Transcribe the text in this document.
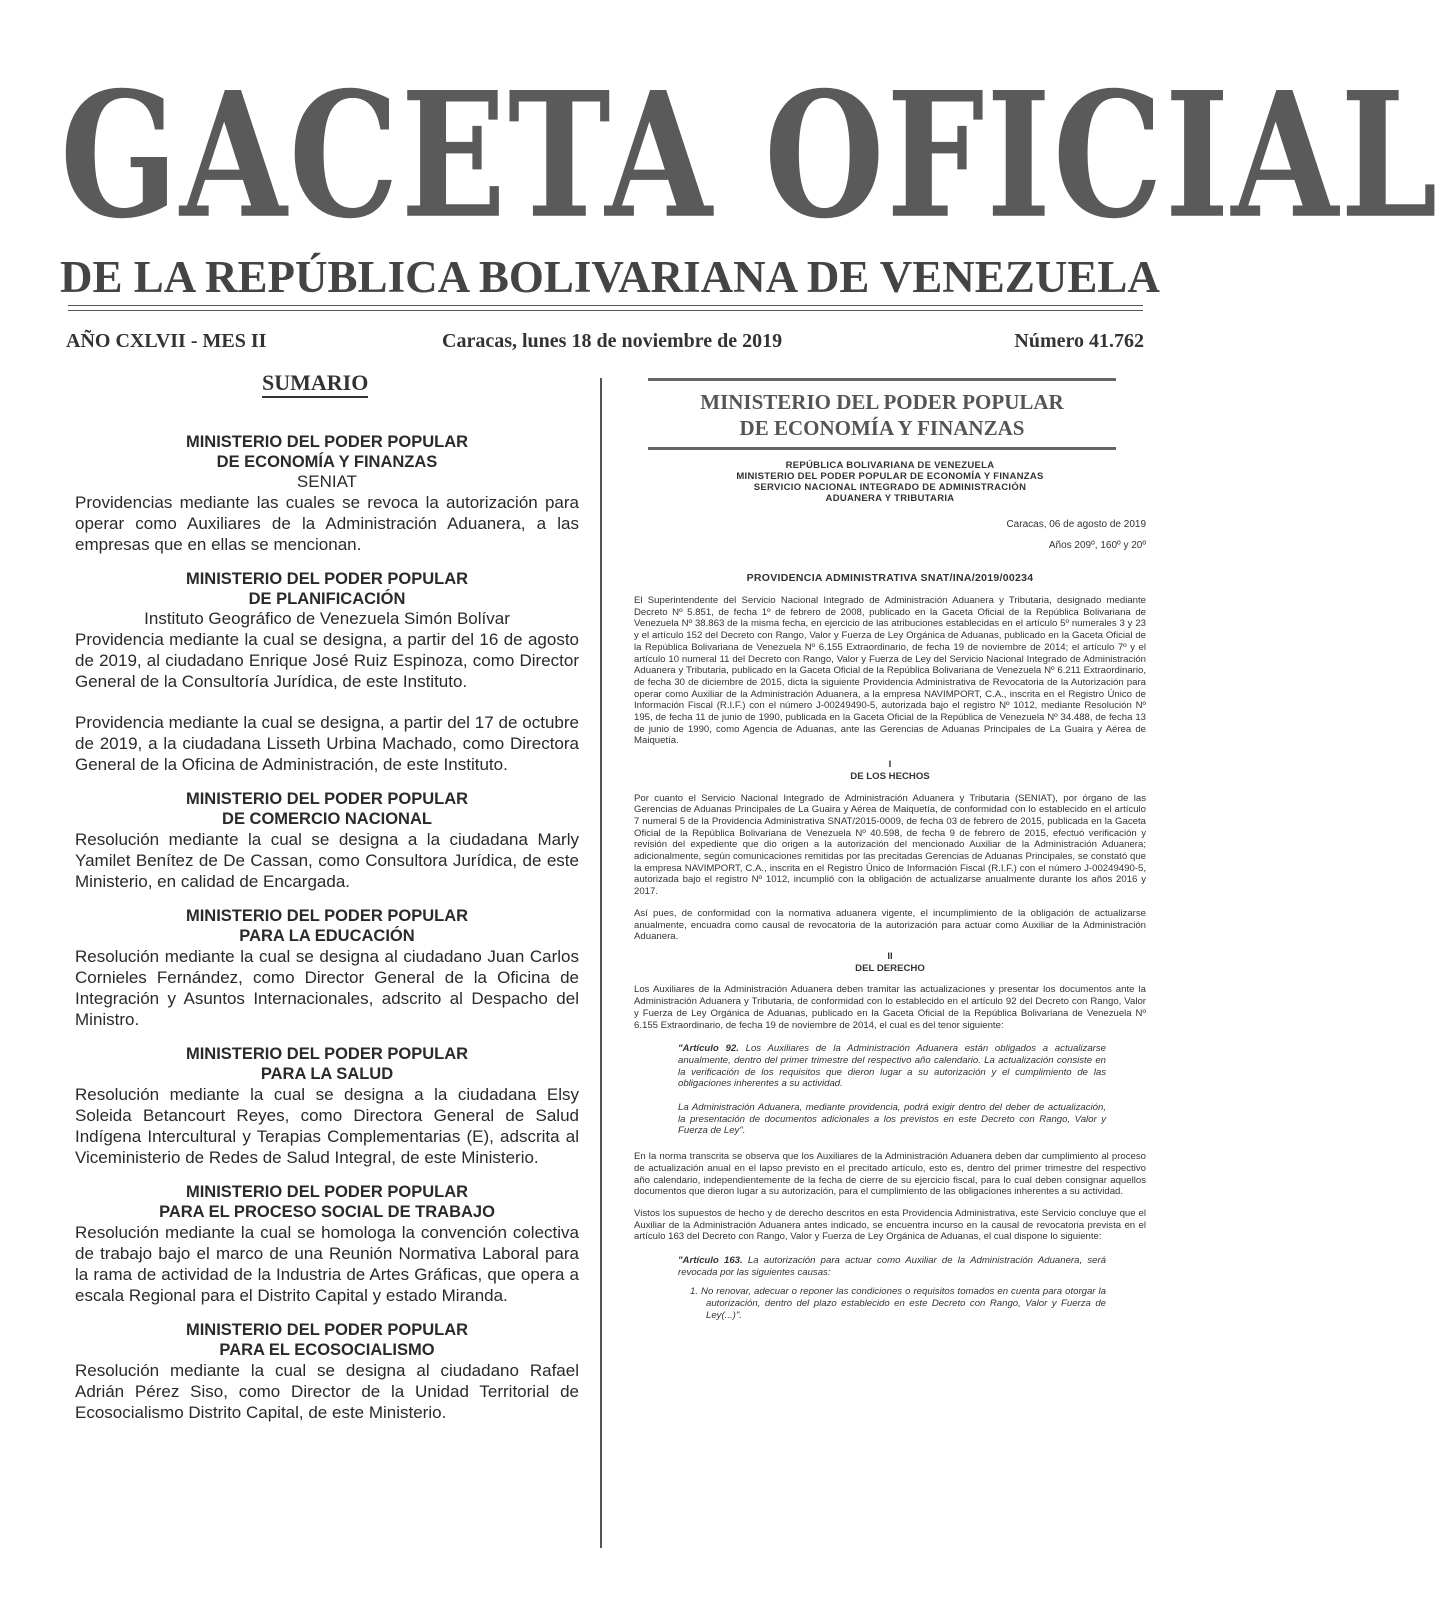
GACETA OFICIAL
DE LA REPÚBLICA BOLIVARIANA DE VENEZUELA
AÑO CXLVII - MES II	Caracas, lunes 18 de noviembre de 2019	Número 41.762
SUMARIO
MINISTERIO DEL PODER POPULAR
DE ECONOMÍA Y FINANZAS
SENIAT
Providencias mediante las cuales se revoca la autorización para operar como Auxiliares de la Administración Aduanera, a las empresas que en ellas se mencionan.
MINISTERIO DEL PODER POPULAR
DE PLANIFICACIÓN
Instituto Geográfico de Venezuela Simón Bolívar
Providencia mediante la cual se designa, a partir del 16 de agosto de 2019, al ciudadano Enrique José Ruiz Espinoza, como Director General de la Consultoría Jurídica, de este Instituto.
Providencia mediante la cual se designa, a partir del 17 de octubre de 2019, a la ciudadana Lisseth Urbina Machado, como Directora General de la Oficina de Administración, de este Instituto.
MINISTERIO DEL PODER POPULAR
DE COMERCIO NACIONAL
Resolución mediante la cual se designa a la ciudadana Marly Yamilet Benítez de De Cassan, como Consultora Jurídica, de este Ministerio, en calidad de Encargada.
MINISTERIO DEL PODER POPULAR
PARA LA EDUCACIÓN
Resolución mediante la cual se designa al ciudadano Juan Carlos Cornieles Fernández, como Director General de la Oficina de Integración y Asuntos Internacionales, adscrito al Despacho del Ministro.
MINISTERIO DEL PODER POPULAR
PARA LA SALUD
Resolución mediante la cual se designa a la ciudadana Elsy Soleida Betancourt Reyes, como Directora General de Salud Indígena Intercultural y Terapias Complementarias (E), adscrita al Viceministerio de Redes de Salud Integral, de este Ministerio.
MINISTERIO DEL PODER POPULAR
PARA EL PROCESO SOCIAL DE TRABAJO
Resolución mediante la cual se homologa la convención colectiva de trabajo bajo el marco de una Reunión Normativa Laboral para la rama de actividad de la Industria de Artes Gráficas, que opera a escala Regional para el Distrito Capital y estado Miranda.
MINISTERIO DEL PODER POPULAR
PARA EL ECOSOCIALISMO
Resolución mediante la cual se designa al ciudadano Rafael Adrián Pérez Siso, como Director de la Unidad Territorial de Ecosocialismo Distrito Capital, de este Ministerio.
MINISTERIO DEL PODER POPULAR
DE ECONOMÍA Y FINANZAS
REPÚBLICA BOLIVARIANA DE VENEZUELA
MINISTERIO DEL PODER POPULAR DE ECONOMÍA Y FINANZAS
SERVICIO NACIONAL INTEGRADO DE ADMINISTRACIÓN
ADUANERA Y TRIBUTARIA
Caracas, 06 de agosto de 2019
Años 209º, 160º y 20º
PROVIDENCIA ADMINISTRATIVA SNAT/INA/2019/00234
El Superintendente del Servicio Nacional Integrado de Administración Aduanera y Tributaria, designado mediante Decreto Nº 5.851, de fecha 1º de febrero de 2008, publicado en la Gaceta Oficial de la República Bolivariana de Venezuela Nº 38.863 de la misma fecha, en ejercicio de las atribuciones establecidas en el artículo 5º numerales 3 y 23 y el artículo 152 del Decreto con Rango, Valor y Fuerza de Ley Orgánica de Aduanas, publicado en la Gaceta Oficial de la República Bolivariana de Venezuela Nº 6.155 Extraordinario, de fecha 19 de noviembre de 2014; el artículo 7º y el artículo 10 numeral 11 del Decreto con Rango, Valor y Fuerza de Ley del Servicio Nacional Integrado de Administración Aduanera y Tributaria, publicado en la Gaceta Oficial de la República Bolivariana de Venezuela Nº 6.211 Extraordinario, de fecha 30 de diciembre de 2015, dicta la siguiente Providencia Administrativa de Revocatoria de la Autorización para operar como Auxiliar de la Administración Aduanera, a la empresa NAVIMPORT, C.A., inscrita en el Registro Único de Información Fiscal (R.I.F.) con el número J-00249490-5, autorizada bajo el registro Nº 1012, mediante Resolución Nº 195, de fecha 11 de junio de 1990, publicada en la Gaceta Oficial de la República de Venezuela Nº 34.488, de fecha 13 de junio de 1990, como Agencia de Aduanas, ante las Gerencias de Aduanas Principales de La Guaira y Aérea de Maiquetía.
I
DE LOS HECHOS
Por cuanto el Servicio Nacional Integrado de Administración Aduanera y Tributaria (SENIAT), por órgano de las Gerencias de Aduanas Principales de La Guaira y Aérea de Maiquetía, de conformidad con lo establecido en el artículo 7 numeral 5 de la Providencia Administrativa SNAT/2015-0009, de fecha 03 de febrero de 2015, publicada en la Gaceta Oficial de la República Bolivariana de Venezuela Nº 40.598, de fecha 9 de febrero de 2015, efectuó verificación y revisión del expediente que dio origen a la autorización del mencionado Auxiliar de la Administración Aduanera; adicionalmente, según comunicaciones remitidas por las precitadas Gerencias de Aduanas Principales, se constató que la empresa NAVIMPORT, C.A., inscrita en el Registro Único de Información Fiscal (R.I.F.) con el número J-00249490-5, autorizada bajo el registro Nº 1012, incumplió con la obligación de actualizarse anualmente durante los años 2016 y 2017.
Así pues, de conformidad con la normativa aduanera vigente, el incumplimiento de la obligación de actualizarse anualmente, encuadra como causal de revocatoria de la autorización para actuar como Auxiliar de la Administración Aduanera.
II
DEL DERECHO
Los Auxiliares de la Administración Aduanera deben tramitar las actualizaciones y presentar los documentos ante la Administración Aduanera y Tributaria, de conformidad con lo establecido en el artículo 92 del Decreto con Rango, Valor y Fuerza de Ley Orgánica de Aduanas, publicado en la Gaceta Oficial de la República Bolivariana de Venezuela Nº 6.155 Extraordinario, de fecha 19 de noviembre de 2014, el cual es del tenor siguiente:
"Artículo 92. Los Auxiliares de la Administración Aduanera están obligados a actualizarse anualmente, dentro del primer trimestre del respectivo año calendario. La actualización consiste en la verificación de los requisitos que dieron lugar a su autorización y el cumplimiento de las obligaciones inherentes a su actividad.
La Administración Aduanera, mediante providencia, podrá exigir dentro del deber de actualización, la presentación de documentos adicionales a los previstos en este Decreto con Rango, Valor y Fuerza de Ley".
En la norma transcrita se observa que los Auxiliares de la Administración Aduanera deben dar cumplimiento al proceso de actualización anual en el lapso previsto en el precitado artículo, esto es, dentro del primer trimestre del respectivo año calendario, independientemente de la fecha de cierre de su ejercicio fiscal, para lo cual deben consignar aquellos documentos que dieron lugar a su autorización, para el cumplimiento de las obligaciones inherentes a su actividad.
Vistos los supuestos de hecho y de derecho descritos en esta Providencia Administrativa, este Servicio concluye que el Auxiliar de la Administración Aduanera antes indicado, se encuentra incurso en la causal de revocatoria prevista en el artículo 163 del Decreto con Rango, Valor y Fuerza de Ley Orgánica de Aduanas, el cual dispone lo siguiente:
"Artículo 163. La autorización para actuar como Auxiliar de la Administración Aduanera, será revocada por las siguientes causas:
1. No renovar, adecuar o reponer las condiciones o requisitos tomados en cuenta para otorgar la autorización, dentro del plazo establecido en este Decreto con Rango, Valor y Fuerza de Ley(...)".
